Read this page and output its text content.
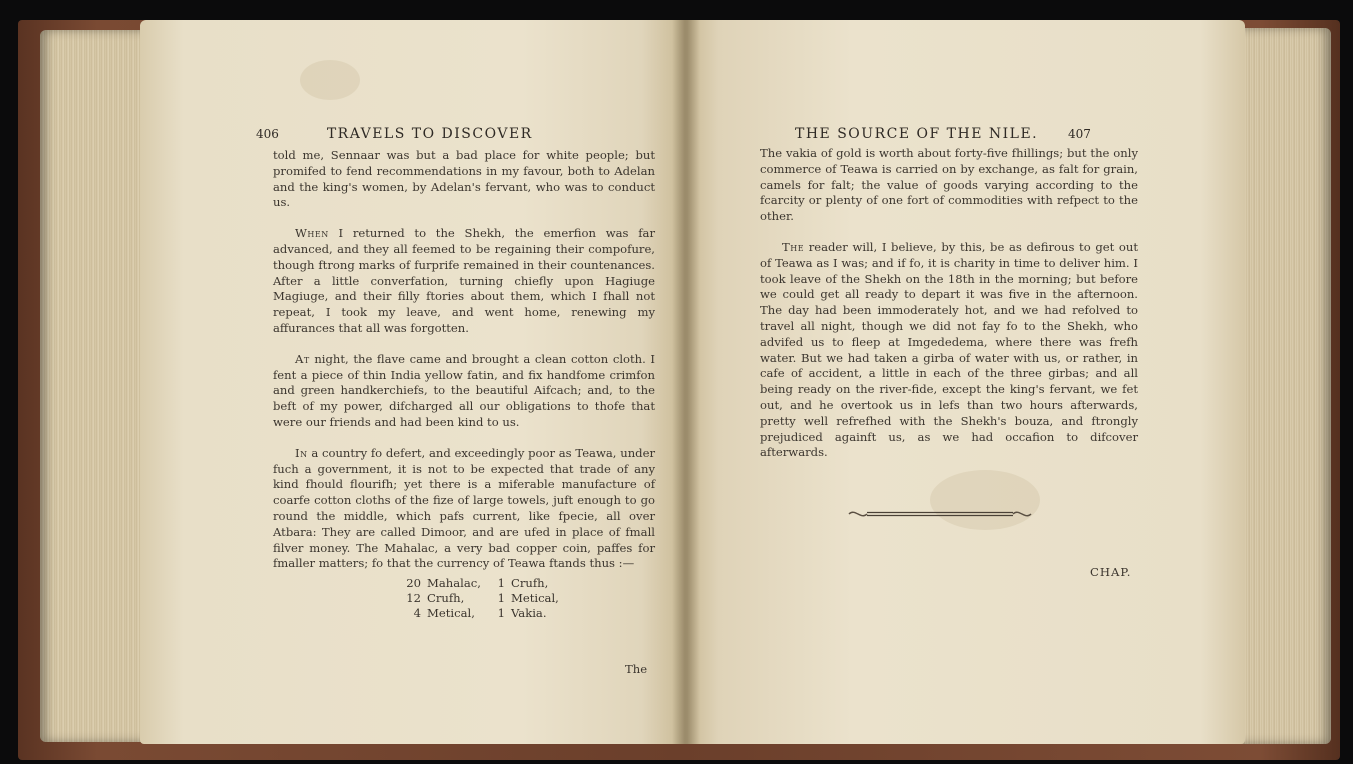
406	TRAVELS TO DISCOVER

told me, Sennaar was but a bad place for white people; but promifed to fend recommendations in my favour, both to Adelan and the king's women, by Adelan's fervant, who was to conduct us.

When I returned to the Shekh, the emerfion was far advanced, and they all feemed to be regaining their compofure, though ftrong marks of furprife remained in their countenances. After a little converfation, turning chiefly upon Hagiuge Magiuge, and their filly ftories about them, which I fhall not repeat, I took my leave, and went home, renewing my affurances that all was forgotten.

At night, the flave came and brought a clean cotton cloth. I fent a piece of thin India yellow fatin, and fix handfome crimfon and green handkerchiefs, to the beautiful Aifcach; and, to the beft of my power, difcharged all our obligations to thofe that were our friends and had been kind to us.

In a country fo defert, and exceedingly poor as Teawa, under fuch a government, it is not to be expected that trade of any kind fhould flourifh; yet there is a miferable manufacture of coarfe cotton cloths of the fize of large towels, juft enough to go round the middle, which pafs current, like fpecie, all over Atbara: They are called Dimoor, and are ufed in place of fmall filver money. The Mahalac, a very bad copper coin, paffes for fmaller matters; fo that the currency of Teawa ftands thus :—

20	Mahalac,	1	Crufh,
12	Crufh,	1	Metical,
4	Metical,	1	Vakia.
The
THE SOURCE OF THE NILE. 407

The vakia of gold is worth about forty-five fhillings; but the only commerce of Teawa is carried on by exchange, as falt for grain, camels for falt; the value of goods varying according to the fcarcity or plenty of one fort of commodities with refpect to the other.

The reader will, I believe, by this, be as defirous to get out of Teawa as I was; and if fo, it is charity in time to deliver him. I took leave of the Shekh on the 18th in the morning; but before we could get all ready to depart it was five in the afternoon. The day had been immoderately hot, and we had refolved to travel all night, though we did not fay fo to the Shekh, who advifed us to fleep at Imgededema, where there was frefh water. But we had taken a girba of water with us, or rather, in cafe of accident, a little in each of the three girbas; and all being ready on the river-fide, except the king's fervant, we fet out, and he overtook us in lefs than two hours afterwards, pretty well refrefhed with the Shekh's bouza, and ftrongly prejudiced againft us, as we had occafion to difcover afterwards.

CHAP.
